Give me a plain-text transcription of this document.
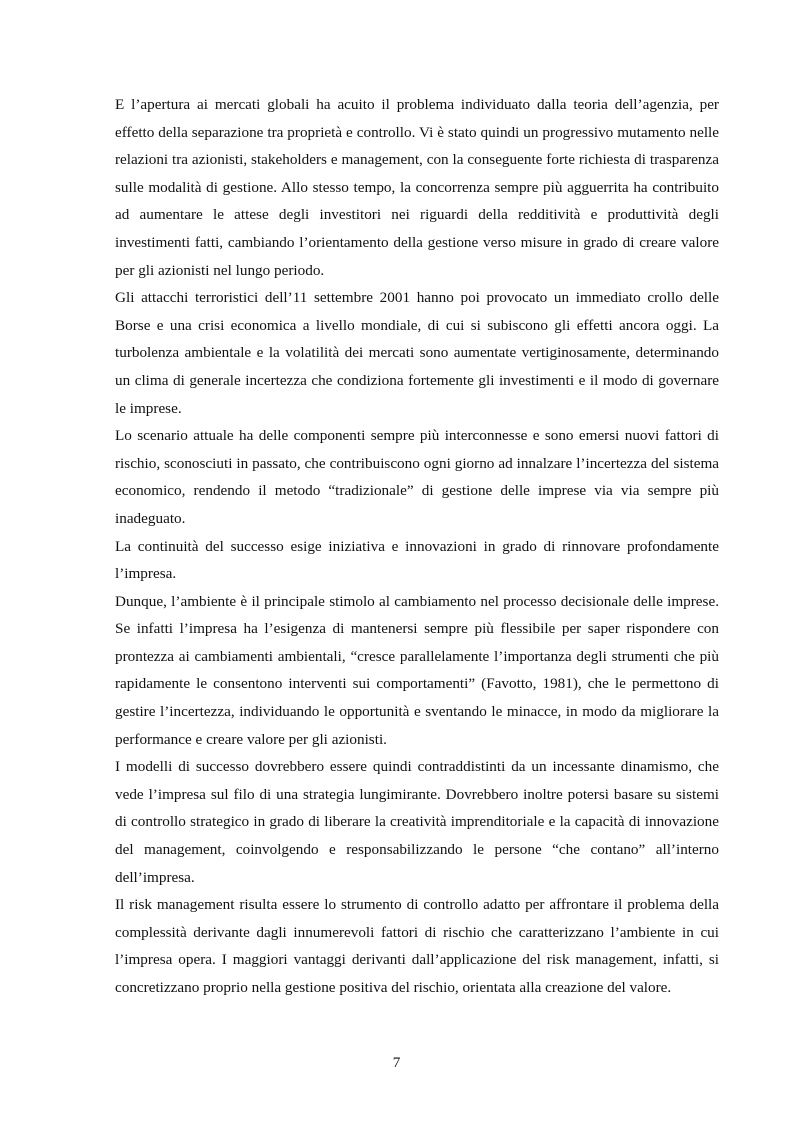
E l’apertura ai mercati globali ha acuito il problema individuato dalla teoria dell’agenzia, per effetto della separazione tra proprietà e controllo. Vi è stato quindi un progressivo mutamento nelle relazioni tra azionisti, stakeholders e management, con la conseguente forte richiesta di trasparenza sulle modalità di gestione. Allo stesso tempo, la concorrenza sempre più agguerrita ha contribuito ad aumentare le attese degli investitori nei riguardi della redditività e produttività degli investimenti fatti, cambiando l’orientamento della gestione verso misure in grado di creare valore per gli azionisti nel lungo periodo.

Gli attacchi terroristici dell’11 settembre 2001 hanno poi provocato un immediato crollo delle Borse e una crisi economica a livello mondiale, di cui si subiscono gli effetti ancora oggi. La turbolenza ambientale e la volatilità dei mercati sono aumentate vertiginosamente, determinando un clima di generale incertezza che condiziona fortemente gli investimenti e il modo di governare le imprese.

Lo scenario attuale ha delle componenti sempre più interconnesse e sono emersi nuovi fattori di rischio, sconosciuti in passato, che contribuiscono ogni giorno ad innalzare l’incertezza del sistema economico, rendendo il metodo “tradizionale” di gestione delle imprese via via sempre più inadeguato.

La continuità del successo esige iniziativa e innovazioni in grado di rinnovare profondamente l’impresa.

Dunque, l’ambiente è il principale stimolo al cambiamento nel processo decisionale delle imprese. Se infatti l’impresa ha l’esigenza di mantenersi sempre più flessibile per saper rispondere con prontezza ai cambiamenti ambientali, “cresce parallelamente l’importanza degli strumenti che più rapidamente le consentono interventi sui comportamenti” (Favotto, 1981), che le permettono di gestire l’incertezza, individuando le opportunità e sventando le minacce, in modo da migliorare la performance e creare valore per gli azionisti.

I modelli di successo dovrebbero essere quindi contraddistinti da un incessante dinamismo, che vede l’impresa sul filo di una strategia lungimirante. Dovrebbero inoltre potersi basare su sistemi di controllo strategico in grado di liberare la creatività imprenditoriale e la capacità di innovazione del management, coinvolgendo e responsabilizzando le persone “che contano” all’interno dell’impresa.

Il risk management risulta essere lo strumento di controllo adatto per affrontare il problema della complessità derivante dagli innumerevoli fattori di rischio che caratterizzano l’ambiente in cui l’impresa opera. I maggiori vantaggi derivanti dall’applicazione del risk management, infatti, si concretizzano proprio nella gestione positiva del rischio, orientata alla creazione del valore.

7
